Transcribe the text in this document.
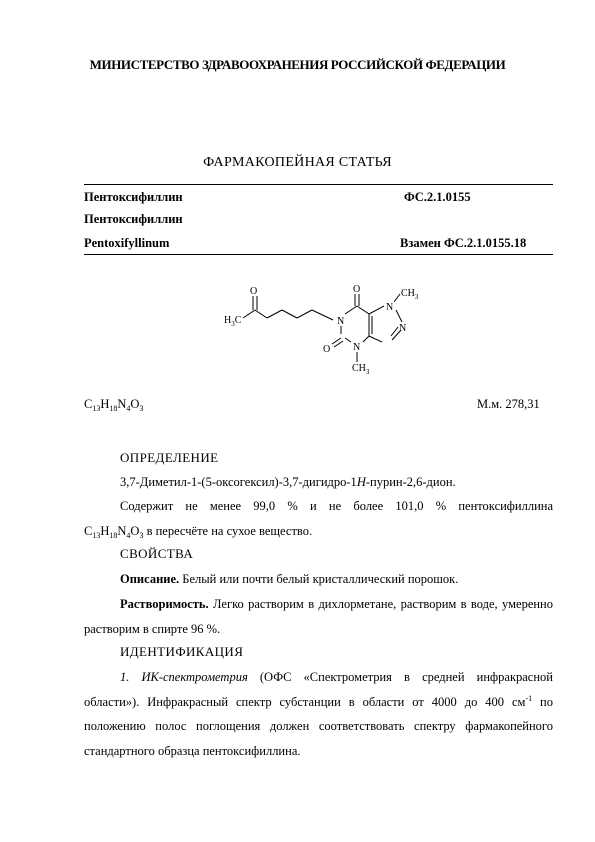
МИНИСТЕРСТВО ЗДРАВООХРАНЕНИЯ РОССИЙСКОЙ ФЕДЕРАЦИИ
ФАРМАКОПЕЙНАЯ СТАТЬЯ
Пентоксифиллин	ФС.2.1.0155
Пентоксифиллин
Pentoxifyllinum	Взамен ФС.2.1.0155.18
O	O	$CH_3$
N
N
N
N
O
$CH_3$
$H_3C$
$C_{13}H_{18}N_4O_3$	М.м. 278,31
ОПРЕДЕЛЕНИЕ
3,7-Диметил-1-(5-оксогексил)-3,7-дигидро-1H-пурин-2,6-дион.
Содержит не менее 99,0 % и не более 101,0 % пентоксифиллина
$C_{13}H_{18}N_4O_3$ в пересчёте на сухое вещество.
СВОЙСТВА
Описание. Белый или почти белый кристаллический порошок.
Растворимость. Легко растворим в дихлорметане, растворим в воде, умеренно растворим в спирте 96 %.
ИДЕНТИФИКАЦИЯ
1. ИК-спектрометрия (ОФС «Спектрометрия в средней инфракрасной области»). Инфракрасный спектр субстанции в области от 4000 до 400 $см^{-1}$ по положению полос поглощения должен соответствовать спектру фармакопейного стандартного образца пентоксифиллина.
